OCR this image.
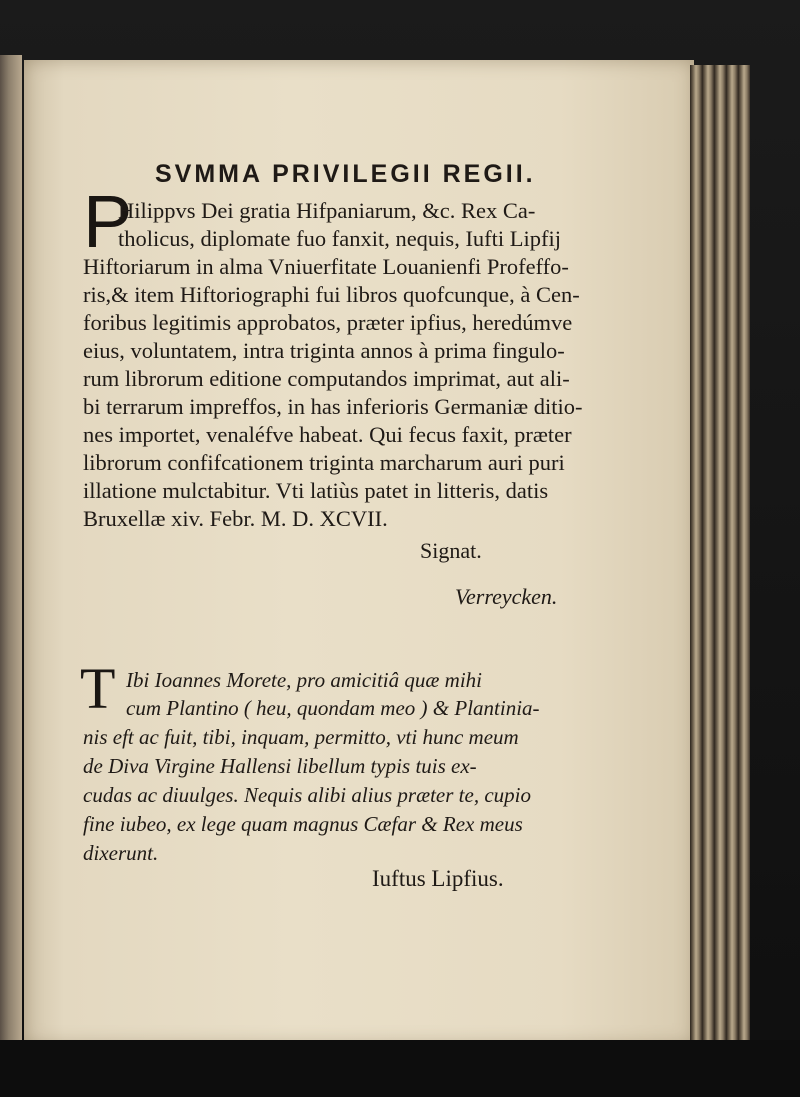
SVMMA PRIVILEGII REGII.
P
Hilippvs Dei gratia Hifpaniarum, &c. Rex Ca-
tholicus, diplomate fuo fanxit, nequis, Iufti Lipfij
Hiftoriarum in alma Vniuerfitate Louanienfi Profeffo-
ris,& item Hiftoriographi fui libros quofcunque, à Cen-
foribus legitimis approbatos, præter ipfius, heredúmve
eius, voluntatem, intra triginta annos à prima fingulo-
rum librorum editione computandos imprimat, aut ali-
bi terrarum impreffos, in has inferioris Germaniæ ditio-
nes importet, venaléfve habeat. Qui fecus faxit, præter
librorum confifcationem triginta marcharum auri puri
illatione mulctabitur. Vti latiùs patet in litteris, datis
Bruxellæ xiv. Febr. M. D. XCVII.
Signat.
Verreycken.
T Ibi Ioannes Moretе, pro amicitiâ quæ mihi
cum Plantino ( heu, quondam meo ) & Plantinia-
nis eft ac fuit, tibi, inquam, permitto, vti hunc meum
de Diva Virgine Hallensi libellum typis tuis ex-
cudas ac diuulges. Nequis alibi alius præter te, cupio
fine iubeo, ex lege quam magnus Cæfar & Rex meus
dixerunt.
Iuftus Lipfius.
